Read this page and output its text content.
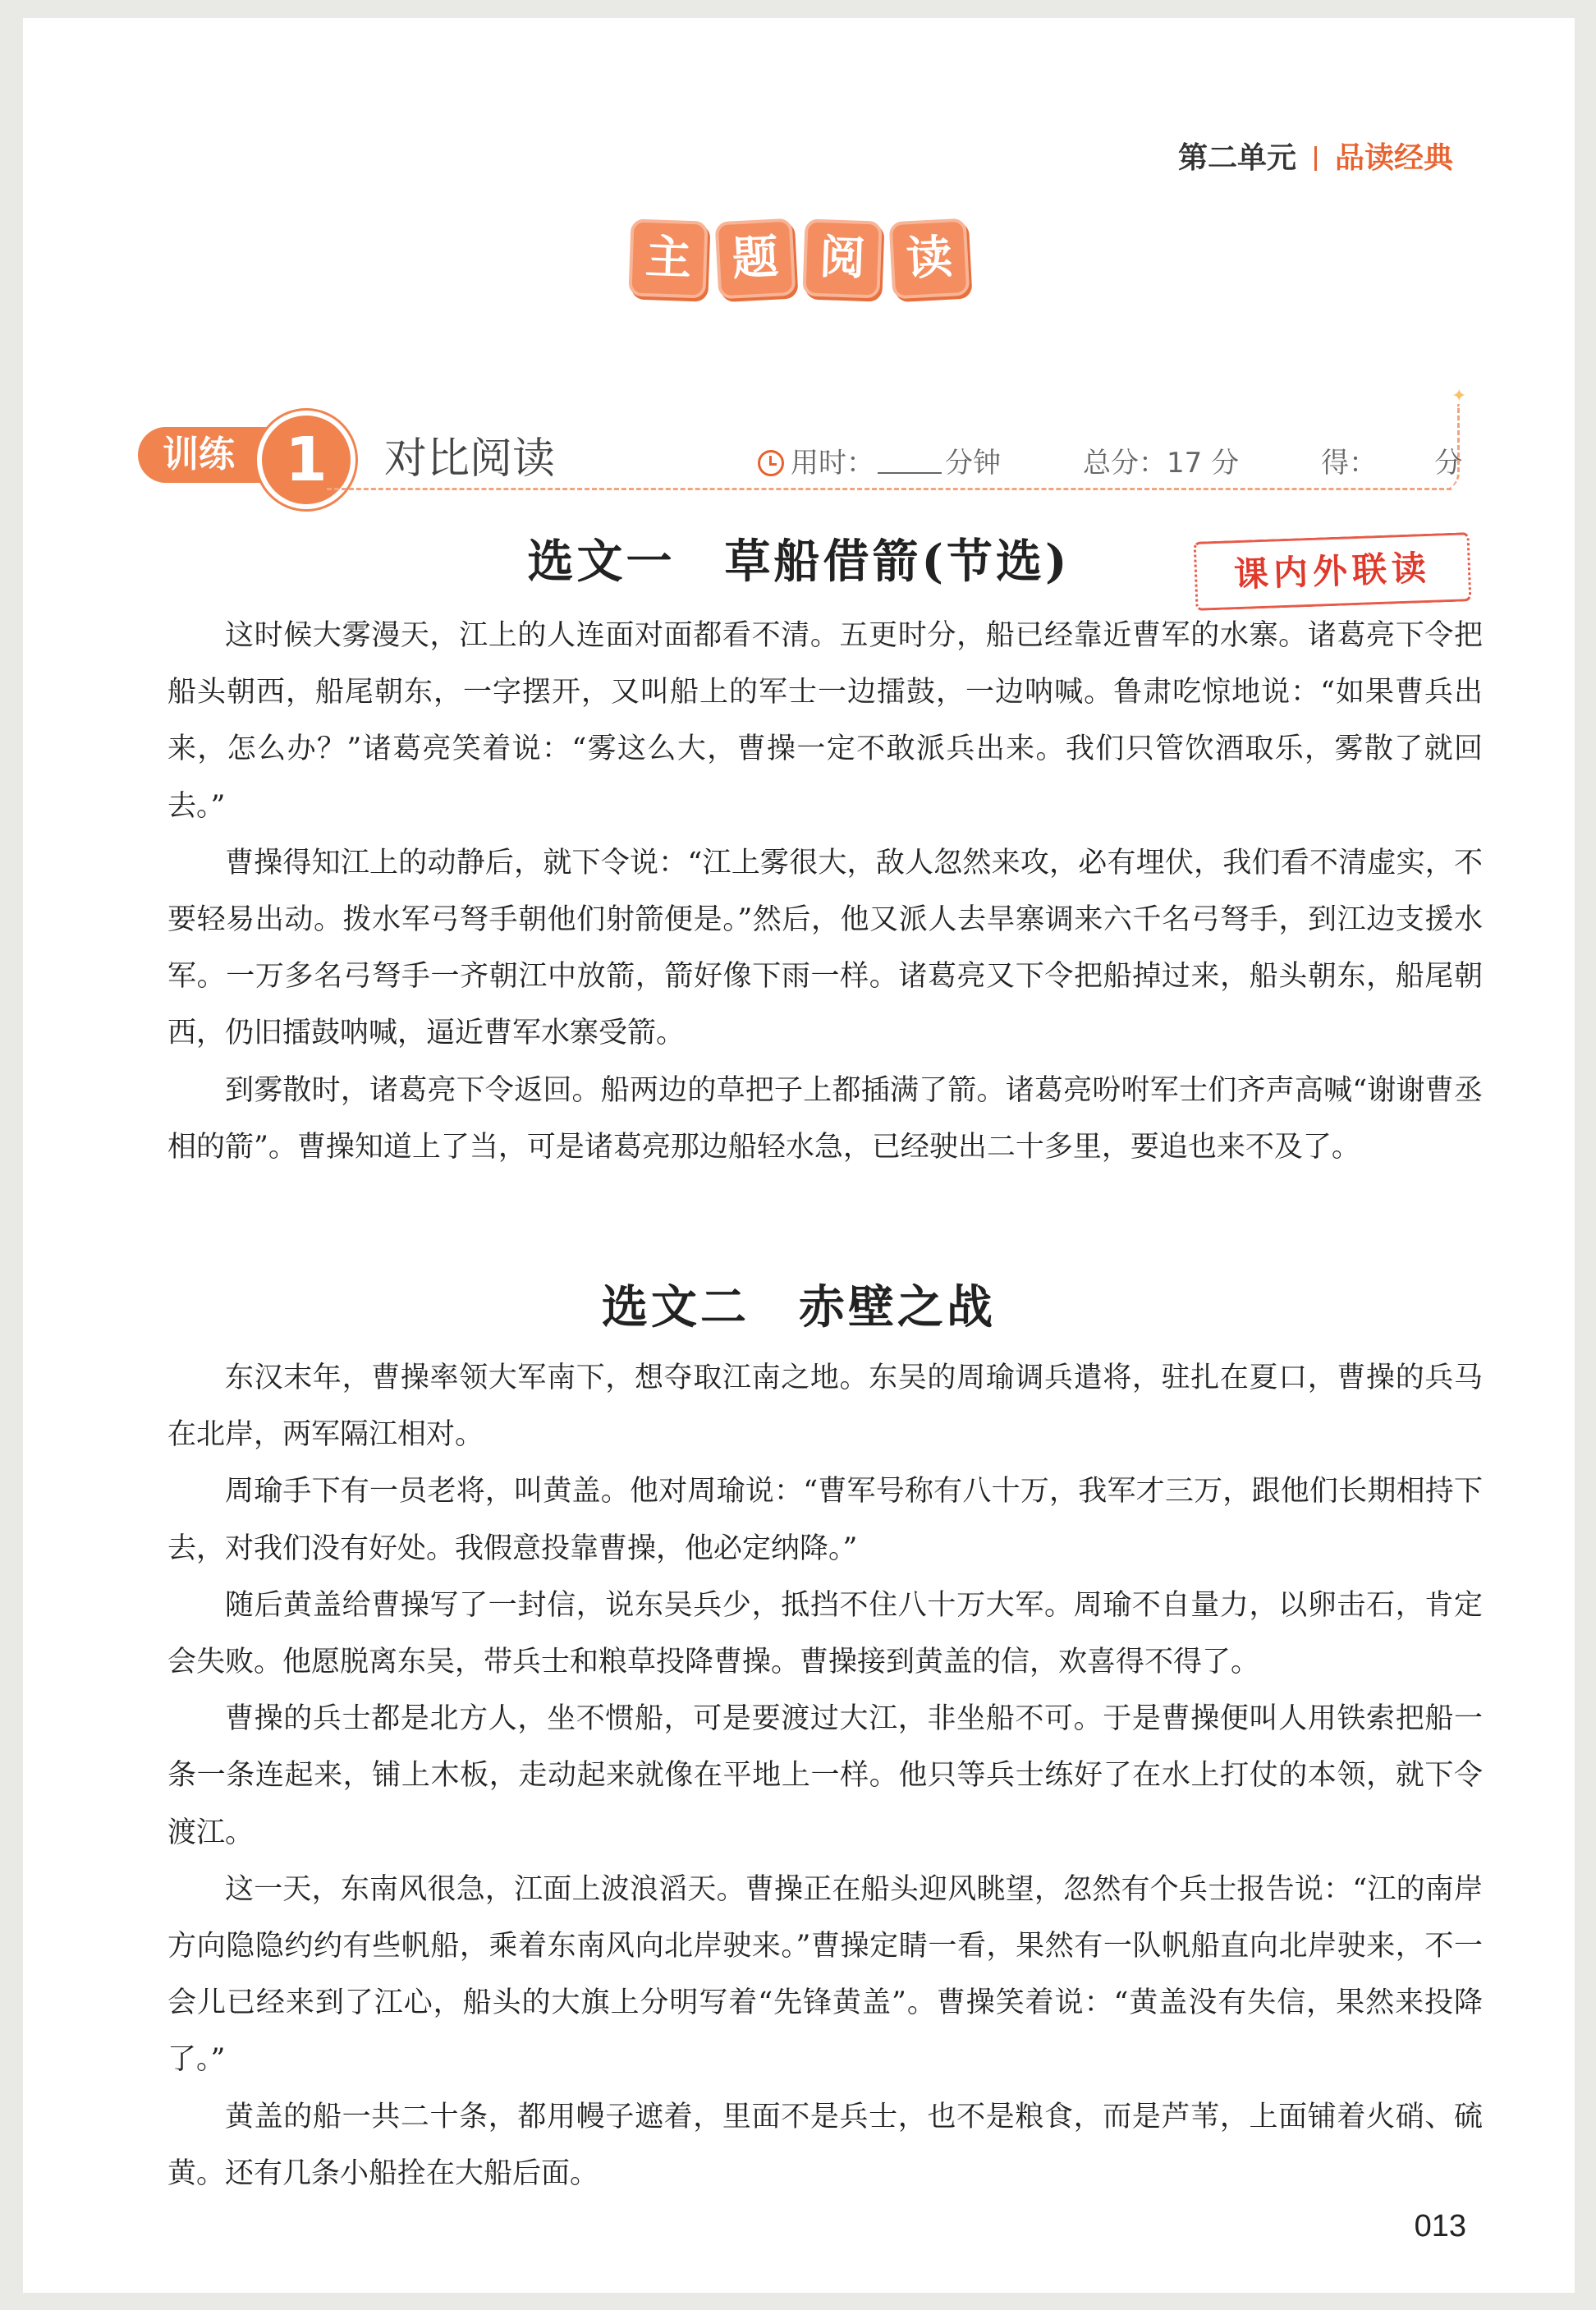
第二单元 品读经典
主 题 阅 读
训练 1	对比阅读	用时：	分钟	总分：17 分	得： 分
✦
选文一 草船借箭(节选)	课内外联读

这时候大雾漫天，江上的人连面对面都看不清。五更时分，船已经靠近曹军的水寨。诸葛亮下令把船头朝西，船尾朝东，一字摆开，又叫船上的军士一边擂鼓，一边呐喊。鲁肃吃惊地说：“如果曹兵出来，怎么办？”诸葛亮笑着说：“雾这么大，曹操一定不敢派兵出来。我们只管饮酒取乐，雾散了就回去。”

曹操得知江上的动静后，就下令说：“江上雾很大，敌人忽然来攻，必有埋伏，我们看不清虚实，不要轻易出动。拨水军弓弩手朝他们射箭便是。”然后，他又派人去旱寨调来六千名弓弩手，到江边支援水军。一万多名弓弩手一齐朝江中放箭，箭好像下雨一样。诸葛亮又下令把船掉过来，船头朝东，船尾朝西，仍旧擂鼓呐喊，逼近曹军水寨受箭。

到雾散时，诸葛亮下令返回。船两边的草把子上都插满了箭。诸葛亮吩咐军士们齐声高喊“谢谢曹丞相的箭”。曹操知道上了当，可是诸葛亮那边船轻水急，已经驶出二十多里，要追也来不及了。

选文二 赤壁之战

东汉末年，曹操率领大军南下，想夺取江南之地。东吴的周瑜调兵遣将，驻扎在夏口，曹操的兵马在北岸，两军隔江相对。

周瑜手下有一员老将，叫黄盖。他对周瑜说：“曹军号称有八十万，我军才三万，跟他们长期相持下去，对我们没有好处。我假意投靠曹操，他必定纳降。”

随后黄盖给曹操写了一封信，说东吴兵少，抵挡不住八十万大军。周瑜不自量力，以卵击石，肯定会失败。他愿脱离东吴，带兵士和粮草投降曹操。曹操接到黄盖的信，欢喜得不得了。

曹操的兵士都是北方人，坐不惯船，可是要渡过大江，非坐船不可。于是曹操便叫人用铁索把船一条一条连起来，铺上木板，走动起来就像在平地上一样。他只等兵士练好了在水上打仗的本领，就下令渡江。

这一天，东南风很急，江面上波浪滔天。曹操正在船头迎风眺望，忽然有个兵士报告说：“江的南岸方向隐隐约约有些帆船，乘着东南风向北岸驶来。”曹操定睛一看，果然有一队帆船直向北岸驶来，不一会儿已经来到了江心，船头的大旗上分明写着“先锋黄盖”。曹操笑着说：“黄盖没有失信，果然来投降了。”

黄盖的船一共二十条，都用幔子遮着，里面不是兵士，也不是粮食，而是芦苇，上面铺着火硝、硫黄。还有几条小船拴在大船后面。

013
